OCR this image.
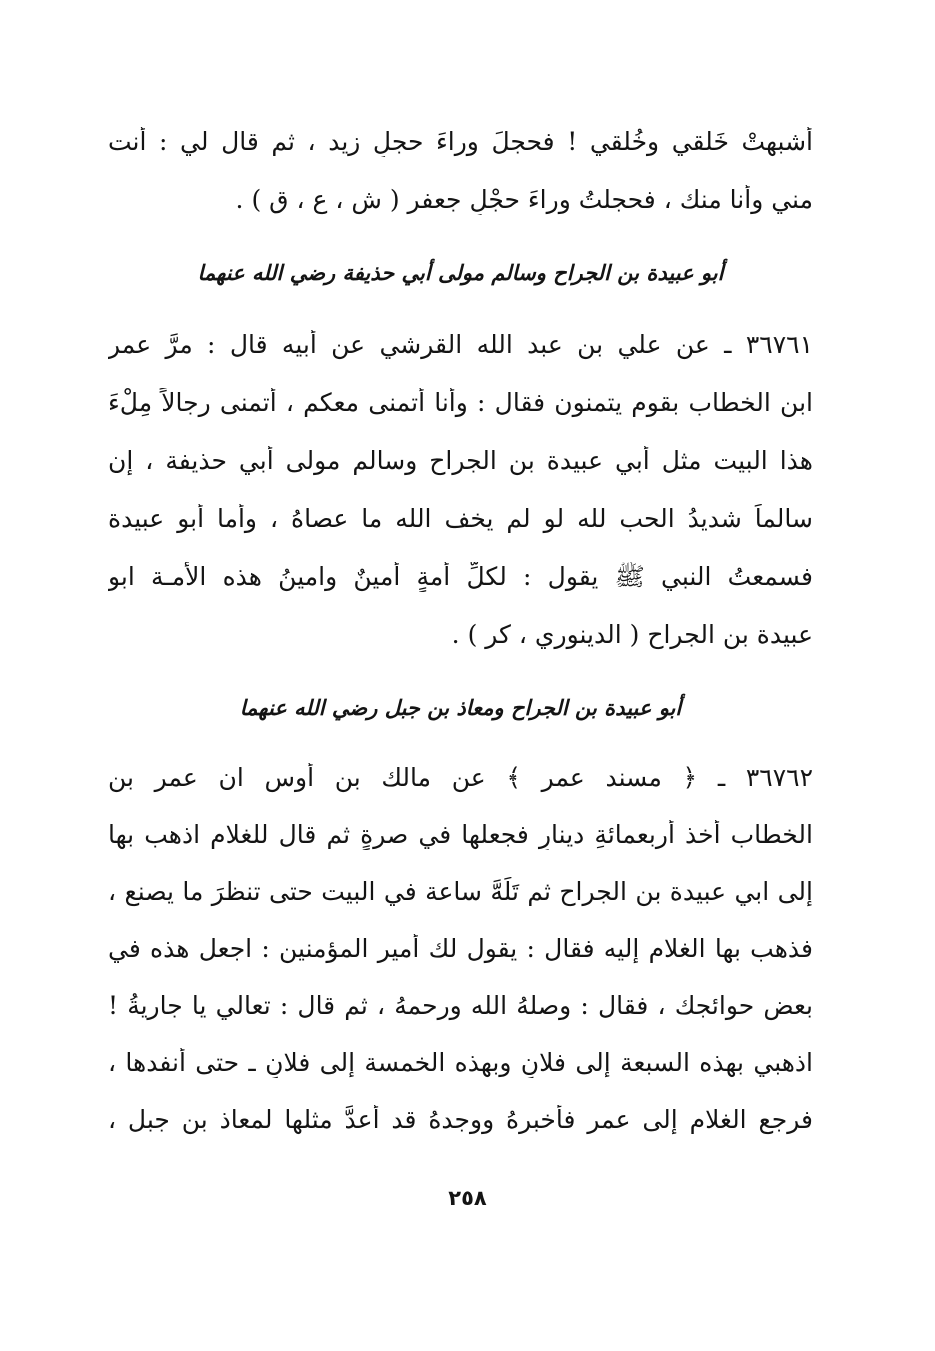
أشبهتْ خَلقي وخُلقي ! فحجلَ وراءَ حجلِ زيد ، ثم قال لي : أنت
مني وأنا منك ، فحجلتُ وراءَ حجْلِ جعفر ( ش ، ع ، ق ) .
أبو عبيدة بن الجراح وسالم مولى أبي حذيفة رضي الله عنهما
٣٦٧٦١ ـ عن علي بن عبد الله القرشي عن أبيه قال : مرَّ عمر
ابن الخطاب بقوم يتمنون فقال : وأنا أتمنى معكم ، أتمنى رجالاً مِلْءَ
هذا البيت مثل أبي عبيدة بن الجراح وسالم مولى أبي حذيفة ، إن
سالماً شديدُ الحب لله لو لم يخف الله ما عصاهُ ، وأما أبو عبيدة
فسمعتُ النبي ﷺ يقول : لكلِّ أمةٍ أمينٌ وامينُ هذه الأمـة ابو
عبيدة بن الجراح ( الدينوري ، كر ) .
أبو عبيدة بن الجراح ومعاذ بن جبل رضي الله عنهما
٣٦٧٦٢ ـ ﴿ مسند عمر ﴾ عن مالك بن أوس ان عمر بن
الخطاب أخذ أربعمائةِ دينارٍ فجعلها في صرةٍ ثم قال للغلام اذهب بها
إلى ابي عبيدة بن الجراح ثم تَلَهَّ ساعة في البيت حتى تنظرَ ما يصنع ،
فذهب بها الغلام إليه فقال : يقول لك أمير المؤمنين : اجعل هذه في
بعض حوائجك ، فقال : وصلهُ الله ورحمهُ ، ثم قال : تعالي يا جاريةُ !
اذهبي بهذه السبعة إلى فلانٍ وبهذه الخمسة إلى فلانٍ ـ حتى أنفدها ،
فرجع الغلام إلى عمر فأخبرهُ ووجدهُ قد أعدَّ مثلها لمعاذ بن جبل ،
٢٥٨
